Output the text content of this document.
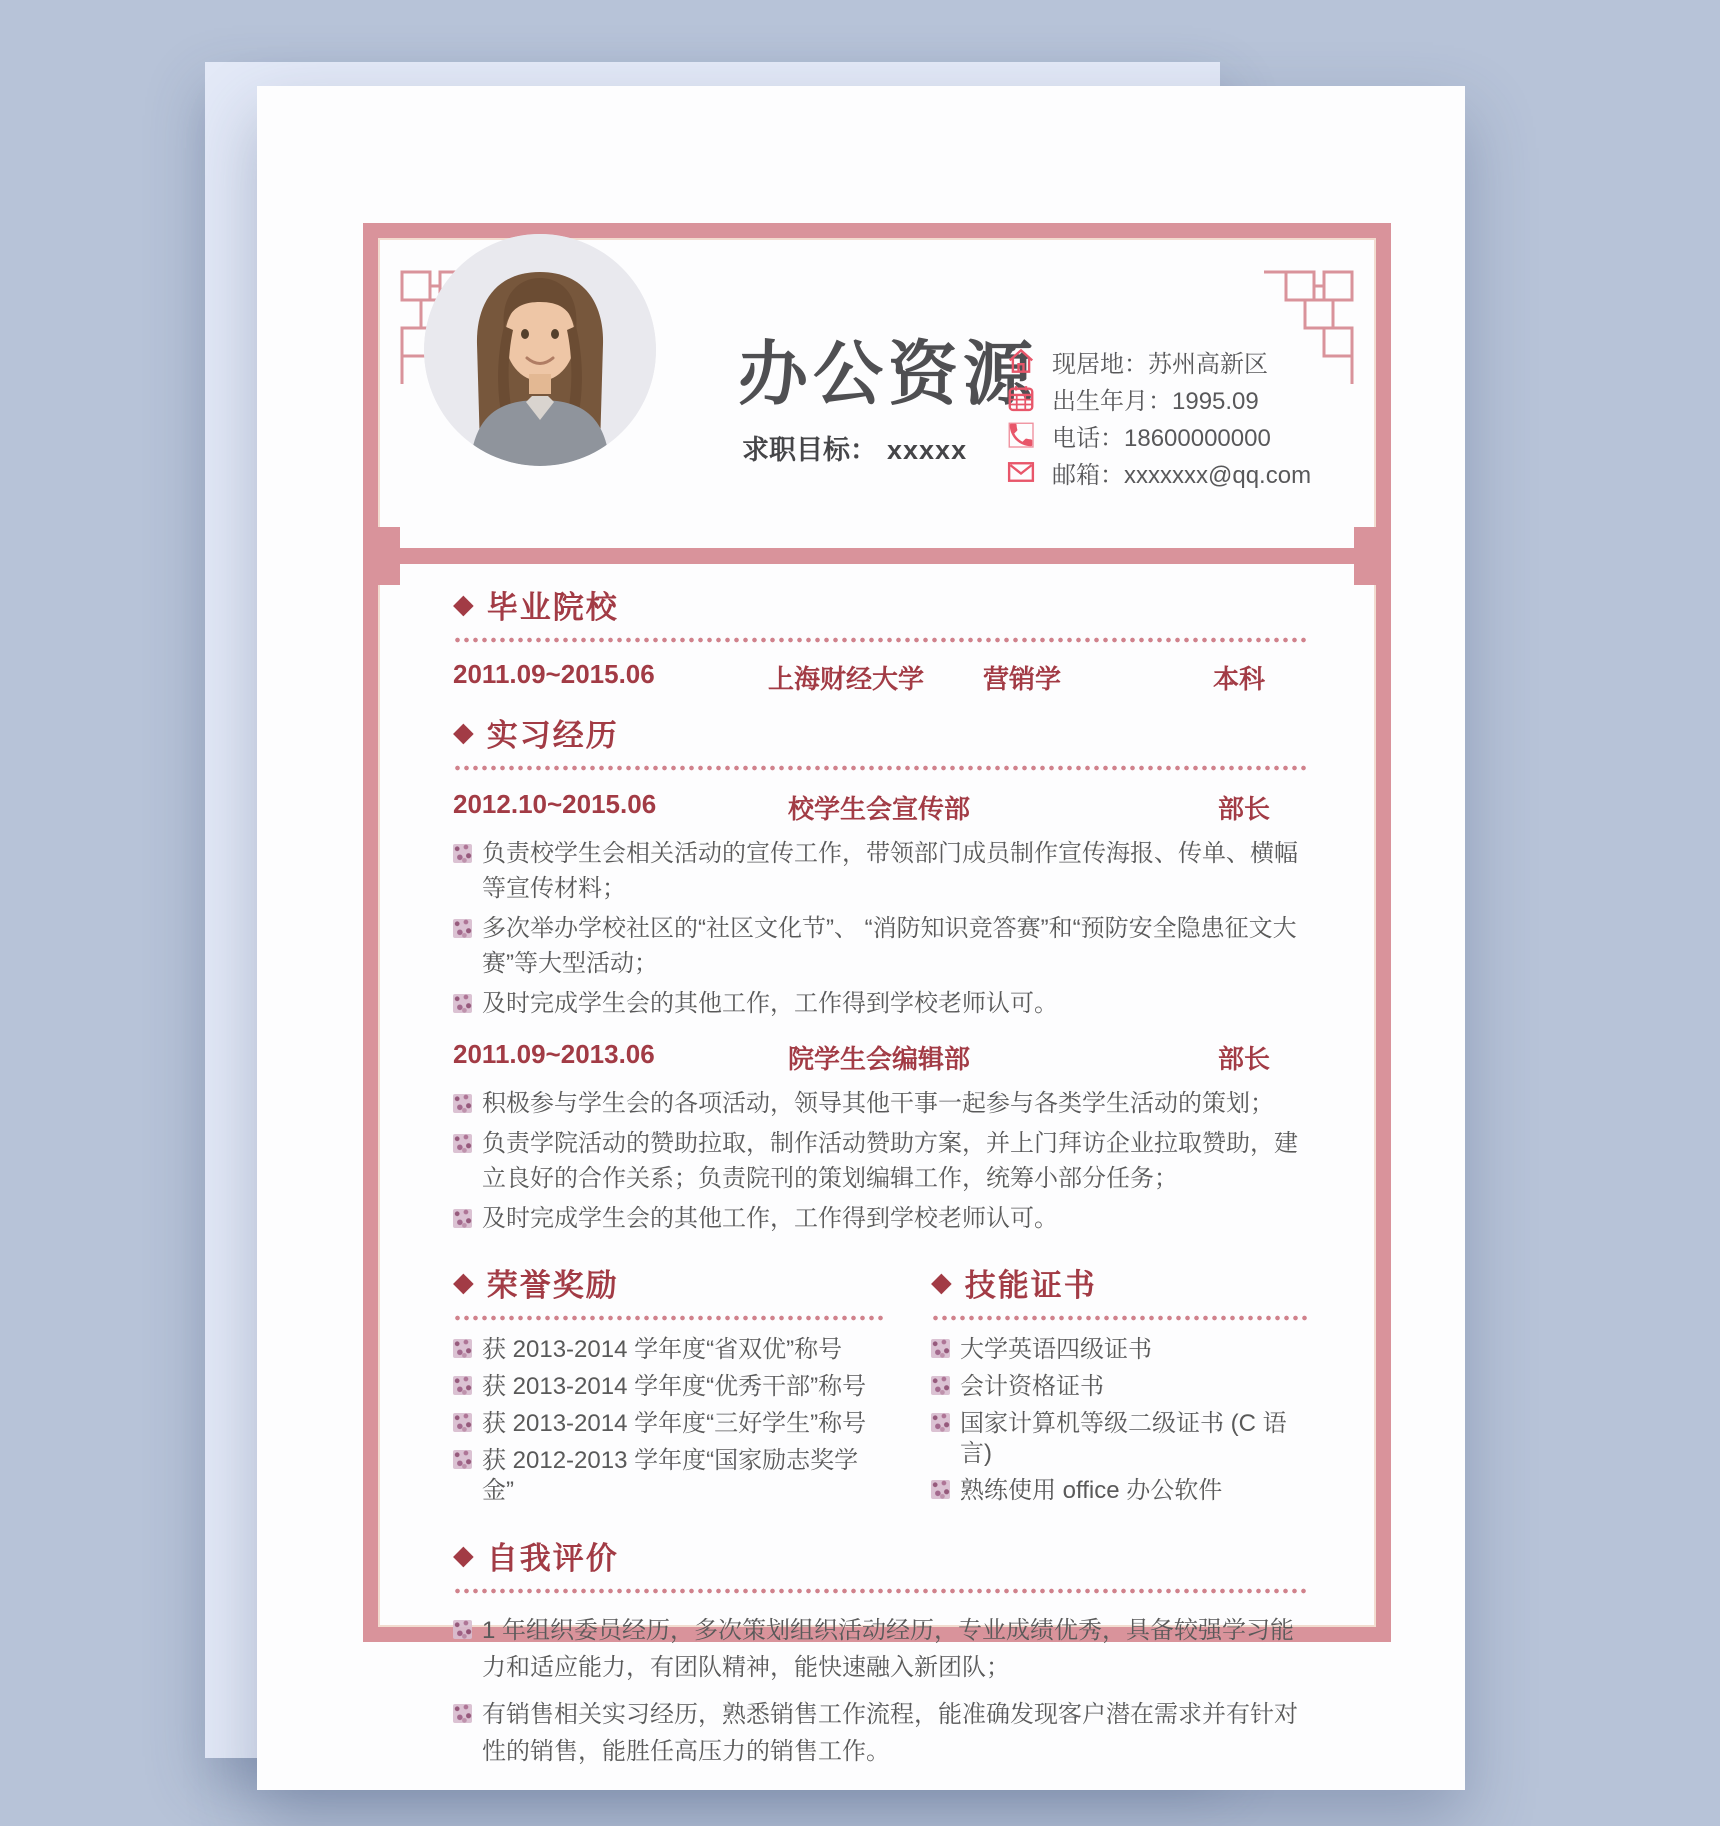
办公资源
求职目标： xxxxx
现居地：苏州高新区
出生年月：1995.09
电话：18600000000
邮箱：xxxxxxx@qq.com
◆ 毕业院校
2011.09~2015.06	上海财经大学	营销学	本科
◆ 实习经历
2012.10~2015.06	校学生会宣传部	部长
负责校学生会相关活动的宣传工作，带领部门成员制作宣传海报、传单、横幅等宣传材料；
多次举办学校社区的“社区文化节”、 “消防知识竞答赛”和“预防安全隐患征文大赛”等大型活动；
及时完成学生会的其他工作，工作得到学校老师认可。
2011.09~2013.06	院学生会编辑部	部长
积极参与学生会的各项活动，领导其他干事一起参与各类学生活动的策划；
负责学院活动的赞助拉取，制作活动赞助方案，并上门拜访企业拉取赞助，建立良好的合作关系；负责院刊的策划编辑工作，统筹小部分任务；
及时完成学生会的其他工作，工作得到学校老师认可。
◆ 荣誉奖励
获 2013-2014 学年度“省双优”称号
获 2013-2014 学年度“优秀干部”称号
获 2013-2014 学年度“三好学生”称号
获 2012-2013 学年度“国家励志奖学金”
◆ 技能证书
大学英语四级证书
会计资格证书
国家计算机等级二级证书 (C 语言)
熟练使用 office 办公软件
◆ 自我评价
1 年组织委员经历，多次策划组织活动经历，专业成绩优秀，具备较强学习能力和适应能力，有团队精神，能快速融入新团队；
有销售相关实习经历，熟悉销售工作流程，能准确发现客户潜在需求并有针对性的销售，能胜任高压力的销售工作。
